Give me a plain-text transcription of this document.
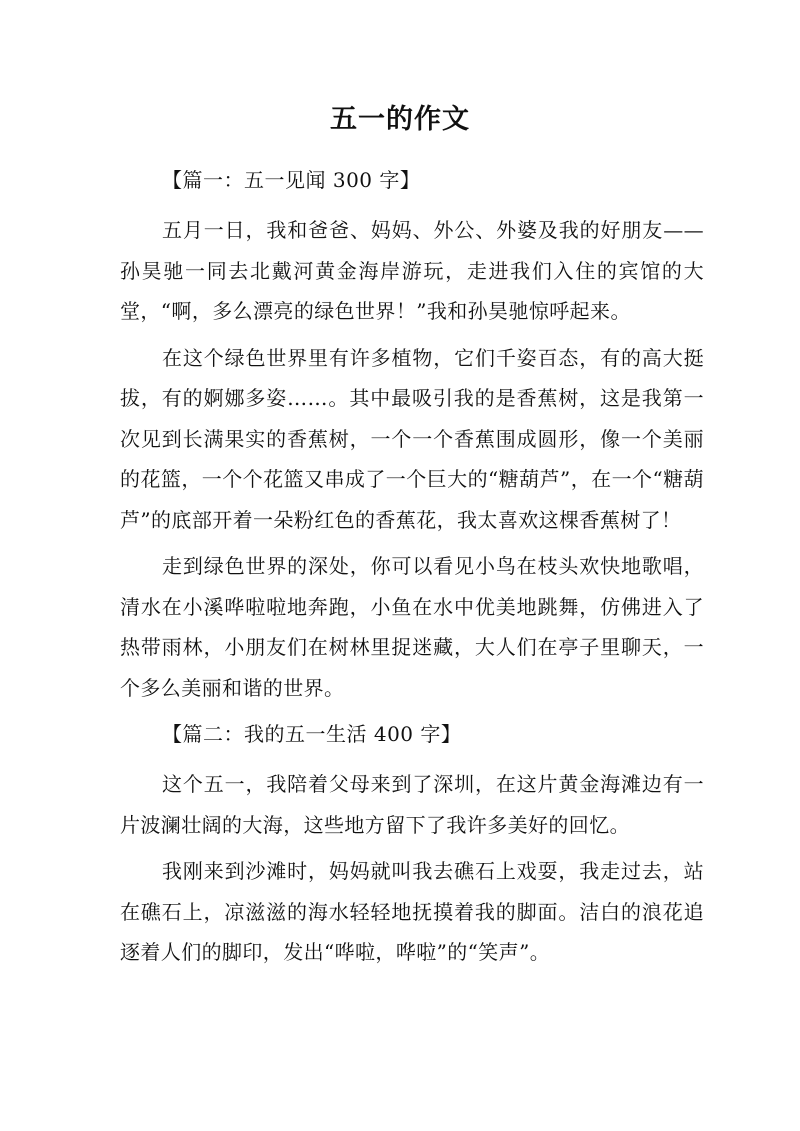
五一的作文
【篇一：五一见闻 300 字】

五月一日，我和爸爸、妈妈、外公、外婆及我的好朋友——孙昊驰一同去北戴河黄金海岸游玩，走进我们入住的宾馆的大堂，“啊，多么漂亮的绿色世界！”我和孙昊驰惊呼起来。

在这个绿色世界里有许多植物，它们千姿百态，有的高大挺拔，有的婀娜多姿……。其中最吸引我的是香蕉树，这是我第一次见到长满果实的香蕉树，一个一个香蕉围成圆形，像一个美丽的花篮，一个个花篮又串成了一个巨大的“糖葫芦”，在一个“糖葫芦”的底部开着一朵粉红色的香蕉花，我太喜欢这棵香蕉树了！

走到绿色世界的深处，你可以看见小鸟在枝头欢快地歌唱，清水在小溪哗啦啦地奔跑，小鱼在水中优美地跳舞，仿佛进入了热带雨林，小朋友们在树林里捉迷藏，大人们在亭子里聊天，一个多么美丽和谐的世界。

【篇二：我的五一生活 400 字】

这个五一，我陪着父母来到了深圳，在这片黄金海滩边有一片波澜壮阔的大海，这些地方留下了我许多美好的回忆。

我刚来到沙滩时，妈妈就叫我去礁石上戏耍，我走过去，站在礁石上，凉滋滋的海水轻轻地抚摸着我的脚面。洁白的浪花追逐着人们的脚印，发出“哗啦，哗啦”的“笑声”。
